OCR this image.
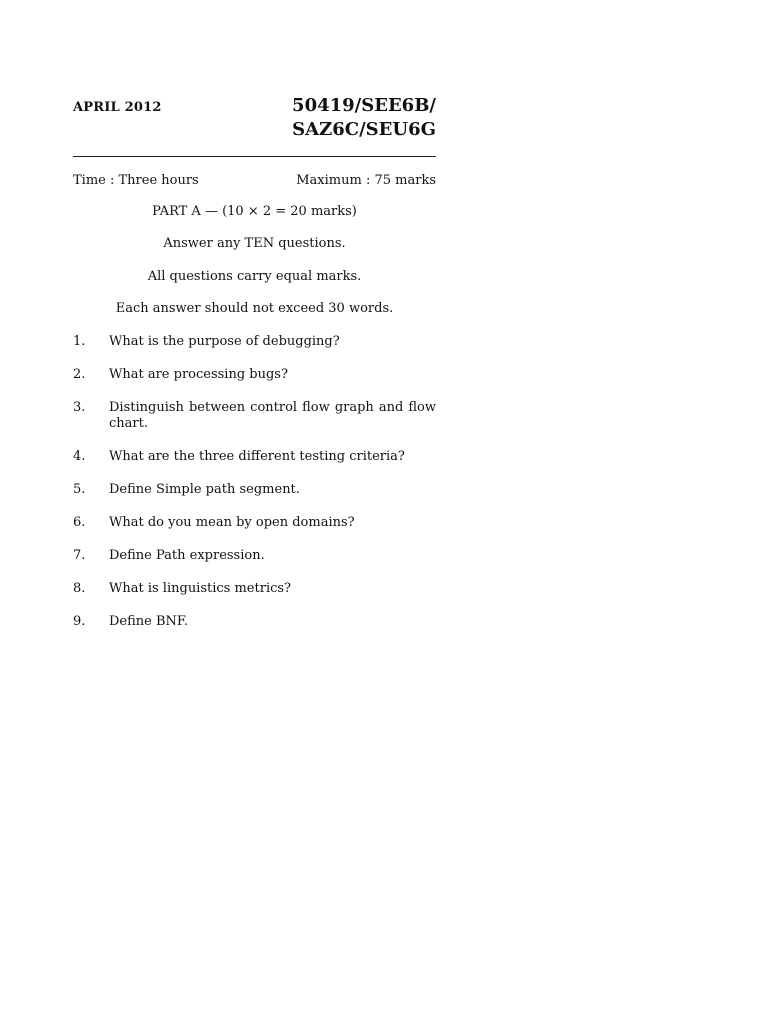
APRIL 2012	50419/SEE6B/
SAZ6C/SEU6G
Time : Three hours	Maximum : 75 marks
PART A — (10 × 2 = 20 marks)
Answer any TEN questions.
All questions carry equal marks.
Each answer should not exceed 30 words.
1.	What is the purpose of debugging?
2.	What are processing bugs?
3.	Distinguish between control flow graph and flow chart.
4.	What are the three different testing criteria?
5.	Define Simple path segment.
6.	What do you mean by open domains?
7.	Define Path expression.
8.	What is linguistics metrics?
9.	Define BNF.
